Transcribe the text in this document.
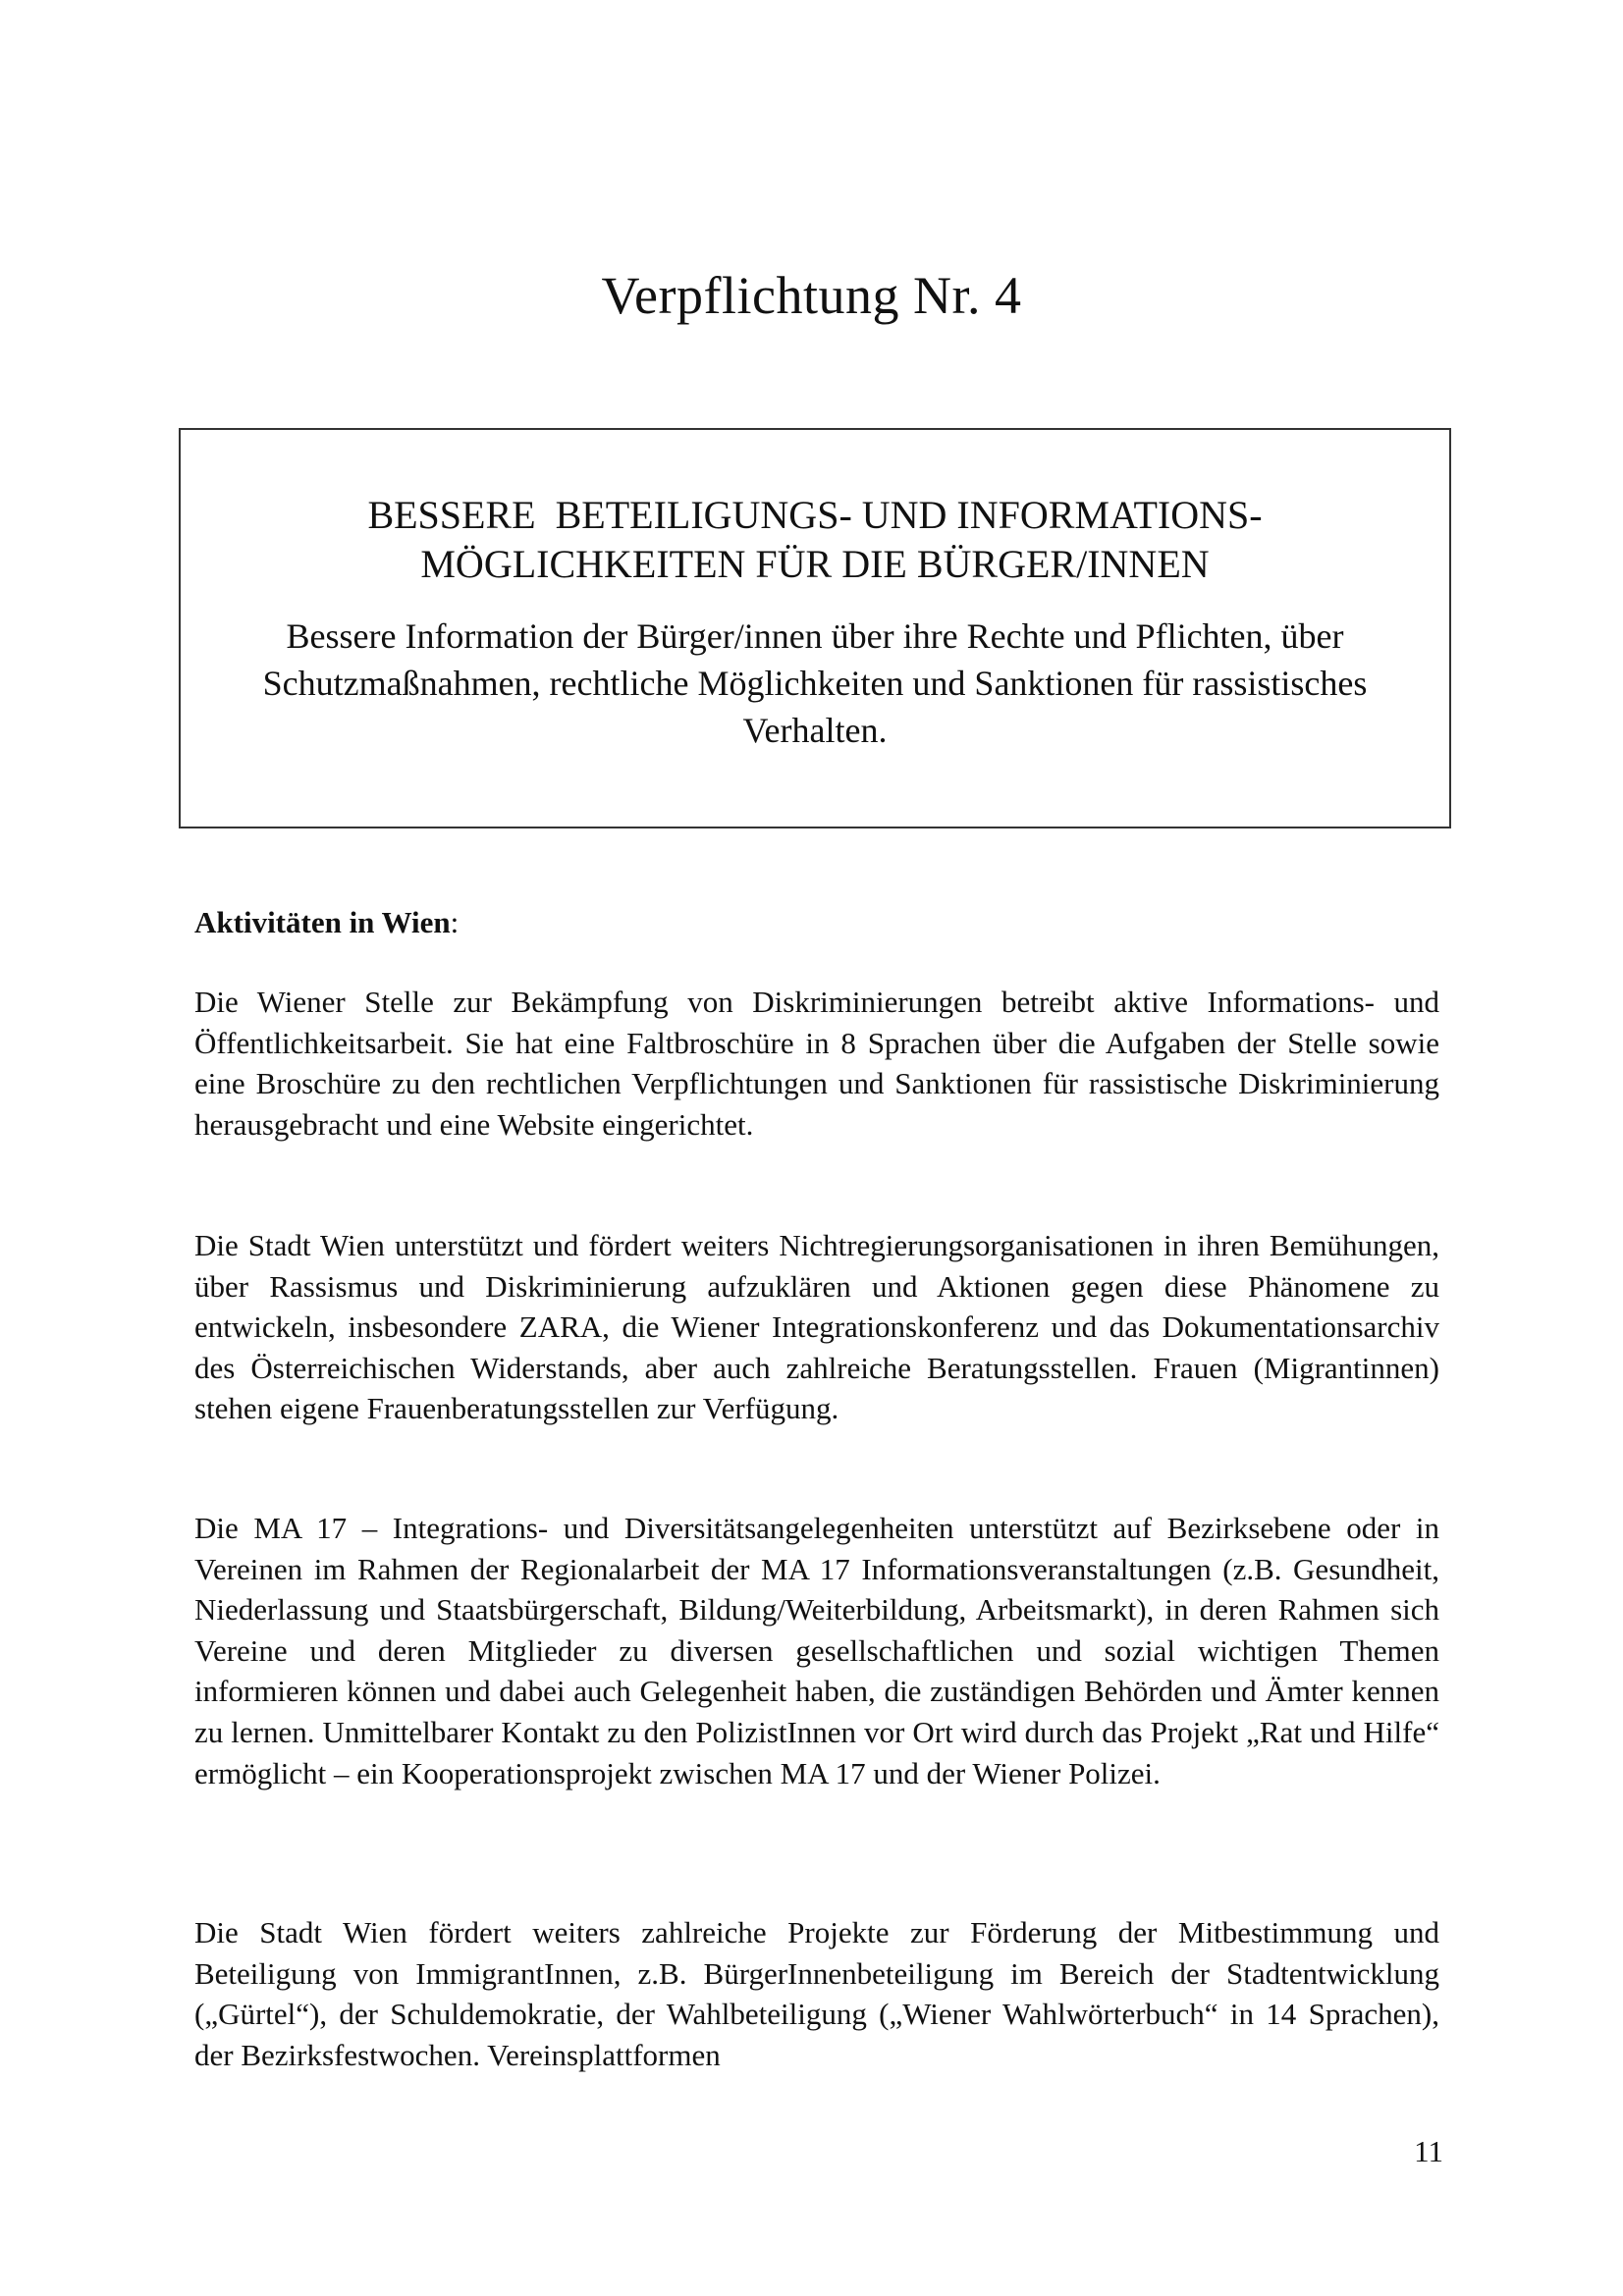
Verpflichtung Nr. 4
BESSERE  BETEILIGUNGS- UND INFORMATIONS-
MÖGLICHKEITEN FÜR DIE BÜRGER/INNEN

Bessere Information der Bürger/innen über ihre Rechte und Pflichten, über Schutzmaßnahmen, rechtliche Möglichkeiten und Sanktionen für rassistisches Verhalten.

Aktivitäten in Wien:

Die Wiener Stelle zur Bekämpfung von Diskriminierungen betreibt aktive Informations- und Öffentlichkeitsarbeit. Sie hat eine Faltbroschüre in 8 Sprachen über die Aufgaben der Stelle sowie eine Broschüre zu den rechtlichen Verpflichtungen und Sanktionen für rassistische Diskriminierung herausgebracht und eine Website eingerichtet.

Die Stadt Wien unterstützt und fördert weiters Nichtregierungsorganisationen in ihren Bemühungen, über Rassismus und Diskriminierung aufzuklären und Aktionen gegen diese Phänomene zu entwickeln, insbesondere ZARA, die Wiener Integrationskonferenz und das Dokumentationsarchiv des Österreichischen Widerstands, aber auch zahlreiche Beratungsstellen. Frauen (Migrantinnen) stehen eigene Frauenberatungsstellen zur Verfügung.

Die MA 17 – Integrations- und Diversitätsangelegenheiten unterstützt auf Bezirksebene oder in Vereinen im Rahmen der Regionalarbeit der MA 17 Informationsveranstaltungen (z.B. Gesundheit, Niederlassung und Staatsbürgerschaft, Bildung/Weiterbildung, Arbeitsmarkt), in deren Rahmen sich Vereine und deren Mitglieder zu diversen gesellschaftlichen und sozial wichtigen Themen informieren können und dabei auch Gelegenheit haben, die zuständigen Behörden und Ämter kennen zu lernen. Unmittelbarer Kontakt zu den PolizistInnen vor Ort wird durch das Projekt „Rat und Hilfe“ ermöglicht – ein Kooperationsprojekt zwischen MA 17 und der Wiener Polizei.

Die Stadt Wien fördert weiters zahlreiche Projekte zur Förderung der Mitbestimmung und Beteiligung von ImmigrantInnen, z.B. BürgerInnenbeteiligung im Bereich der Stadtentwicklung („Gürtel“), der Schuldemokratie, der Wahlbeteiligung („Wiener Wahlwörterbuch“ in 14 Sprachen), der Bezirksfestwochen. Vereinsplattformen

11
